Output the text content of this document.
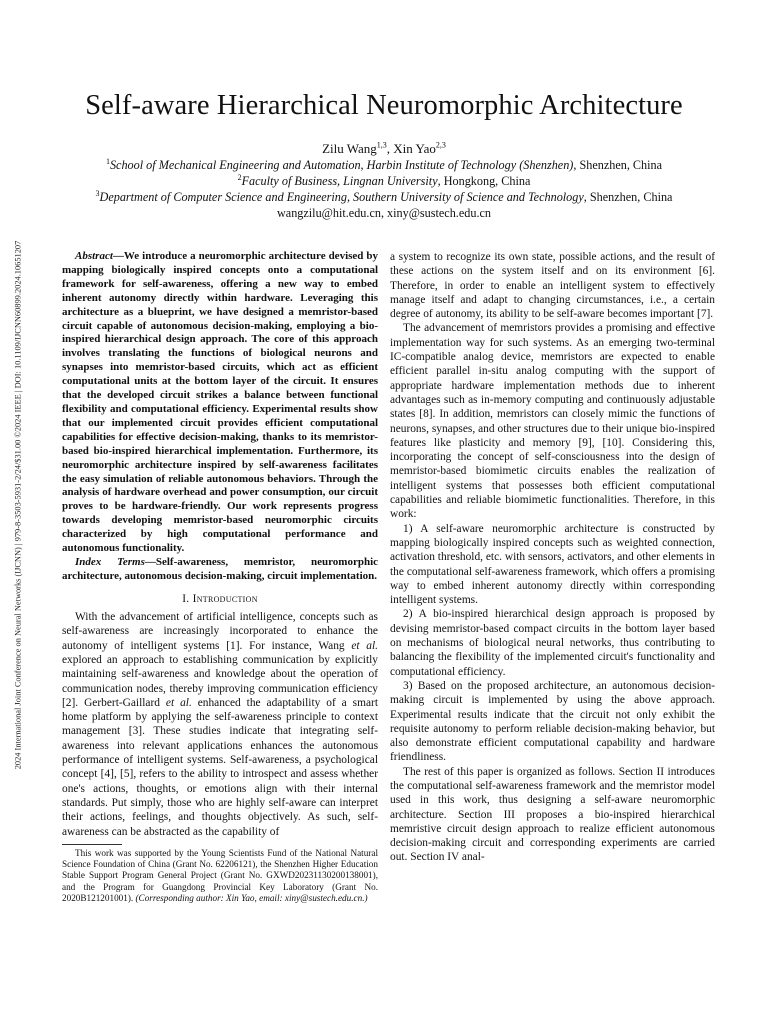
2024 International Joint Conference on Neural Networks (IJCNN) | 979-8-3503-5931-2/24/$31.00 ©2024 IEEE | DOI: 10.1109/IJCNN60899.2024.10651207
Self-aware Hierarchical Neuromorphic Architecture
Zilu Wang$^{1,3}$, Xin Yao$^{2,3}$
$^1$School of Mechanical Engineering and Automation, Harbin Institute of Technology (Shenzhen), Shenzhen, China
$^2$Faculty of Business, Lingnan University, Hongkong, China
$^3$Department of Computer Science and Engineering, Southern University of Science and Technology, Shenzhen, China
wangzilu@hit.edu.cn, xiny@sustech.edu.cn

Abstract—We introduce a neuromorphic architecture devised by mapping biologically inspired concepts onto a computational framework for self-awareness, offering a new way to embed inherent autonomy directly within hardware. Leveraging this architecture as a blueprint, we have designed a memristor-based circuit capable of autonomous decision-making, employing a bio-inspired hierarchical design approach. The core of this approach involves translating the functions of biological neurons and synapses into memristor-based circuits, which act as efficient computational units at the bottom layer of the circuit. It ensures that the developed circuit strikes a balance between functional flexibility and computational efficiency. Experimental results show that our implemented circuit provides efficient computational capabilities for effective decision-making, thanks to its memristor-based bio-inspired hierarchical implementation. Furthermore, its neuromorphic architecture inspired by self-awareness facilitates the easy simulation of reliable autonomous behaviors. Through the analysis of hardware overhead and power consumption, our circuit proves to be hardware-friendly. Our work represents progress towards developing memristor-based neuromorphic circuits characterized by high computational performance and autonomous functionality.

Index Terms—Self-awareness, memristor, neuromorphic architecture, autonomous decision-making, circuit implementation.

I. Introduction

With the advancement of artificial intelligence, concepts such as self-awareness are increasingly incorporated to enhance the autonomy of intelligent systems [1]. For instance, Wang et al. explored an approach to establishing communication by explicitly maintaining self-awareness and knowledge about the operation of communication nodes, thereby improving communication efficiency [2]. Gerbert-Gaillard et al. enhanced the adaptability of a smart home platform by applying the self-awareness principle to context management [3]. These studies indicate that integrating self-awareness into relevant applications enhances the autonomous performance of intelligent systems. Self-awareness, a psychological concept [4], [5], refers to the ability to introspect and assess whether one's actions, thoughts, or emotions align with their internal standards. Put simply, those who are highly self-aware can interpret their actions, feelings, and thoughts objectively. As such, self-awareness can be abstracted as the capability of

This work was supported by the Young Scientists Fund of the National Natural Science Foundation of China (Grant No. 62206121), the Shenzhen Higher Education Stable Support Program General Project (Grant No. GXWD20231130200138001), and the Program for Guangdong Provincial Key Laboratory (Grant No. 2020B121201001). (Corresponding author: Xin Yao, email: xiny@sustech.edu.cn.)

a system to recognize its own state, possible actions, and the result of these actions on the system itself and on its environment [6]. Therefore, in order to enable an intelligent system to effectively manage itself and adapt to changing circumstances, i.e., a certain degree of autonomy, its ability to be self-aware becomes important [7].

The advancement of memristors provides a promising and effective implementation way for such systems. As an emerging two-terminal IC-compatible analog device, memristors are expected to enable efficient parallel in-situ analog computing with the support of appropriate hardware implementation methods due to inherent advantages such as in-memory computing and continuously adjustable states [8]. In addition, memristors can closely mimic the functions of neurons, synapses, and other structures due to their unique bio-inspired features like plasticity and memory [9], [10]. Considering this, incorporating the concept of self-consciousness into the design of memristor-based biomimetic circuits enables the realization of intelligent systems that possesses both efficient computational capabilities and reliable biomimetic functionalities. Therefore, in this work:

1) A self-aware neuromorphic architecture is constructed by mapping biologically inspired concepts such as weighted connection, activation threshold, etc. with sensors, activators, and other elements in the computational self-awareness framework, which offers a promising way to embed inherent autonomy directly within corresponding intelligent systems.

2) A bio-inspired hierarchical design approach is proposed by devising memristor-based compact circuits in the bottom layer based on mechanisms of biological neural networks, thus contributing to balancing the flexibility of the implemented circuit's functionality and computational efficiency.

3) Based on the proposed architecture, an autonomous decision-making circuit is implemented by using the above approach. Experimental results indicate that the circuit not only exhibit the requisite autonomy to perform reliable decision-making behavior, but also demonstrate efficient computational capability and hardware friendliness.

The rest of this paper is organized as follows. Section II introduces the computational self-awareness framework and the memristor model used in this work, thus designing a self-aware neuromorphic architecture. Section III proposes a bio-inspired hierarchical memristive circuit design approach to realize efficient autonomous decision-making circuit and corresponding experiments are carried out. Section IV anal-
